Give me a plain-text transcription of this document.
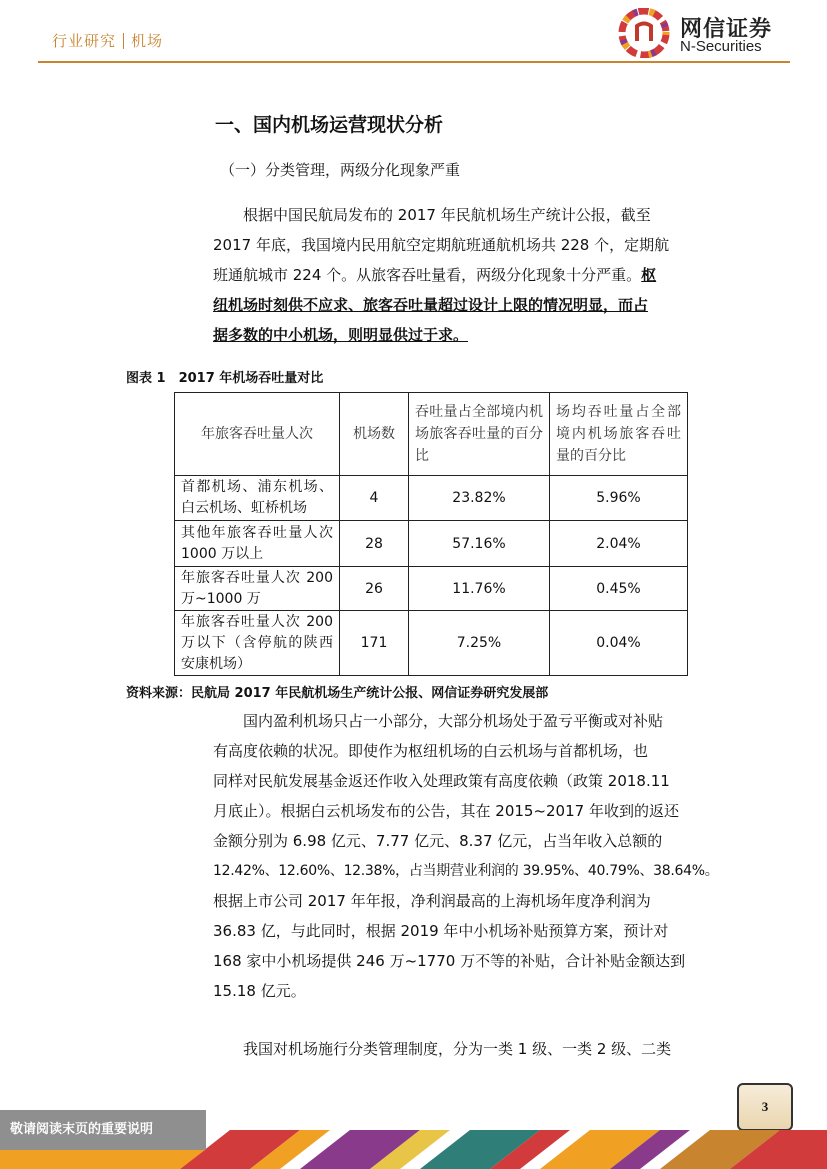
行业研究 机场	网信证券
N-Securities
一、国内机场运营现状分析
（一）分类管理，两级分化现象严重
根据中国民航局发布的 2017 年民航机场生产统计公报，截至
2017 年底，我国境内民用航空定期航班通航机场共 228 个，定期航
班通航城市 224 个。从旅客吞吐量看，两级分化现象十分严重。枢
纽机场时刻供不应求、旅客吞吐量超过设计上限的情况明显，而占
据多数的中小机场，则明显供过于求。
图表 1　2017 年机场吞吐量对比
年旅客吞吐量人次	机场数	吞吐量占全部境内机场旅客吞吐量的百分比	场均吞吐量占全部境内机场旅客吞吐量的百分比
首都机场、浦东机场、白云机场、虹桥机场	4	23.82%	5.96%
其他年旅客吞吐量人次 1000 万以上	28	57.16%	2.04%
年旅客吞吐量人次 200 万~1000 万	26	11.76%	0.45%
年旅客吞吐量人次 200 万以下（含停航的陕西安康机场）	171	7.25%	0.04%
资料来源：民航局 2017 年民航机场生产统计公报、网信证券研究发展部
国内盈利机场只占一小部分，大部分机场处于盈亏平衡或对补贴
有高度依赖的状况。即使作为枢纽机场的白云机场与首都机场，也
同样对民航发展基金返还作收入处理政策有高度依赖（政策 2018.11
月底止）。根据白云机场发布的公告，其在 2015~2017 年收到的返还
金额分别为 6.98 亿元、7.77 亿元、8.37 亿元，占当年收入总额的
12.42%、12.60%、12.38%，占当期营业利润的 39.95%、40.79%、38.64%。
根据上市公司 2017 年年报，净利润最高的上海机场年度净利润为
36.83 亿，与此同时，根据 2019 年中小机场补贴预算方案，预计对
168 家中小机场提供 246 万~1770 万不等的补贴，合计补贴金额达到
15.18 亿元。
我国对机场施行分类管理制度，分为一类 1 级、一类 2 级、二类
3
敬请阅读末页的重要说明
